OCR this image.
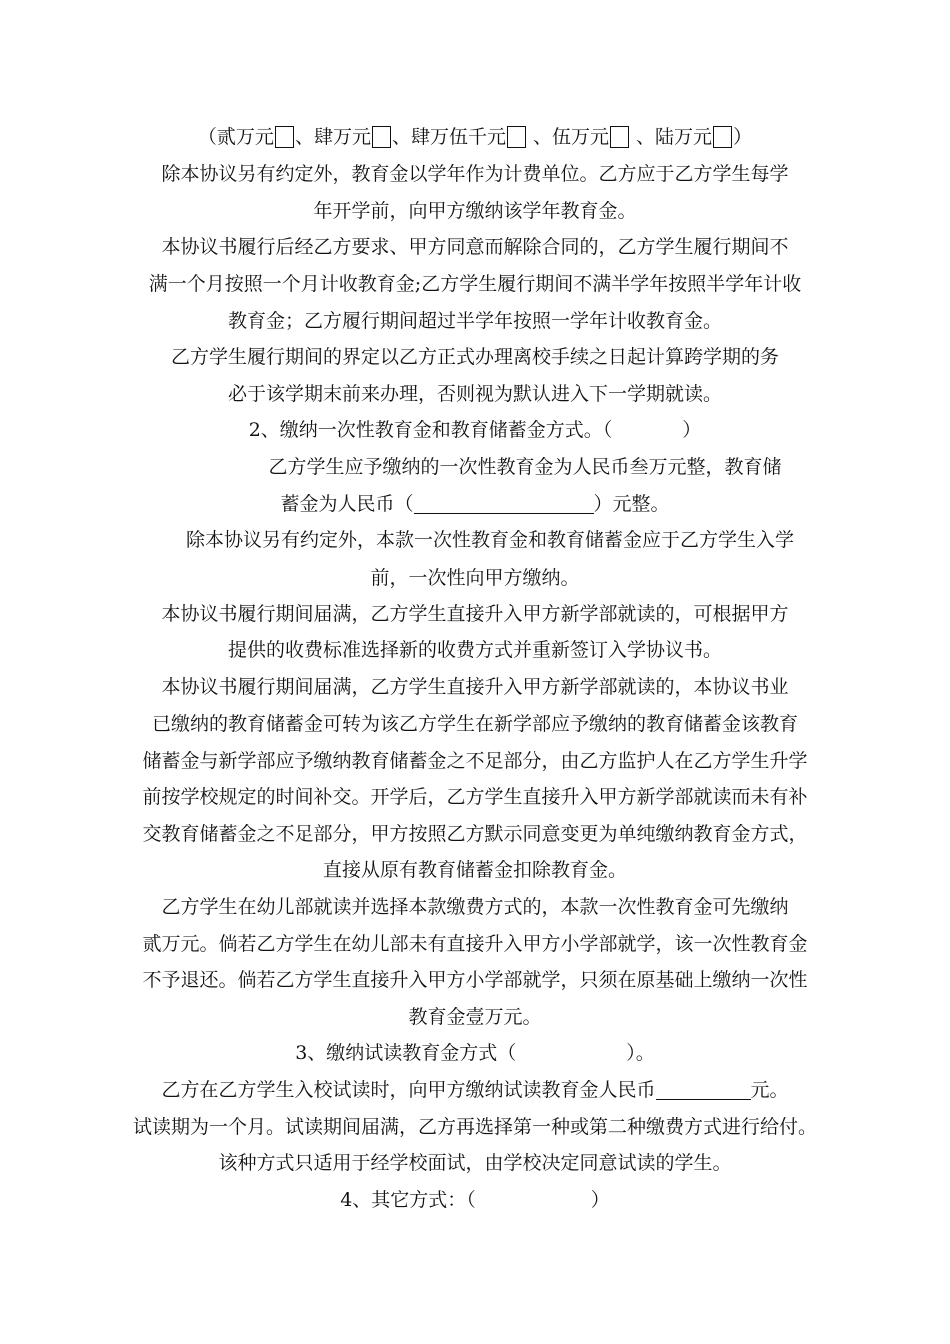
（贰万元 、肆万元 、肆万伍千元 、伍万元 、陆万元 ）
除本协议另有约定外，教育金以学年作为计费单位。乙方应于乙方学生每学
年开学前，向甲方缴纳该学年教育金。
本协议书履行后经乙方要求、甲方同意而解除合同的，乙方学生履行期间不
满一个月按照一个月计收教育金;乙方学生履行期间不满半学年按照半学年计收
教育金；乙方履行期间超过半学年按照一学年计收教育金。
乙方学生履行期间的界定以乙方正式办理离校手续之日起计算跨学期的务
必于该学期末前来办理，否则视为默认进入下一学期就读。
2、缴纳一次性教育金和教育储蓄金方式。（	）
乙方学生应予缴纳的一次性教育金为人民币叁万元整，教育储
蓄金为人民币（	）元整。
除本协议另有约定外，本款一次性教育金和教育储蓄金应于乙方学生入学
前，一次性向甲方缴纳。
本协议书履行期间届满，乙方学生直接升入甲方新学部就读的，可根据甲方
提供的收费标准选择新的收费方式并重新签订入学协议书。
本协议书履行期间届满，乙方学生直接升入甲方新学部就读的，本协议书业
已缴纳的教育储蓄金可转为该乙方学生在新学部应予缴纳的教育储蓄金该教育
储蓄金与新学部应予缴纳教育储蓄金之不足部分，由乙方监护人在乙方学生升学
前按学校规定的时间补交。开学后，乙方学生直接升入甲方新学部就读而未有补
交教育储蓄金之不足部分，甲方按照乙方默示同意变更为单纯缴纳教育金方式，
直接从原有教育储蓄金扣除教育金。
乙方学生在幼儿部就读并选择本款缴费方式的，本款一次性教育金可先缴纳
贰万元。倘若乙方学生在幼儿部未有直接升入甲方小学部就学，该一次性教育金
不予退还。倘若乙方学生直接升入甲方小学部就学，只须在原基础上缴纳一次性
教育金壹万元。
3、缴纳试读教育金方式（	）。
乙方在乙方学生入校试读时，向甲方缴纳试读教育金人民币	元。
试读期为一个月。试读期间届满，乙方再选择第一种或第二种缴费方式进行给付。
该种方式只适用于经学校面试，由学校决定同意试读的学生。
4、其它方式：（	）
